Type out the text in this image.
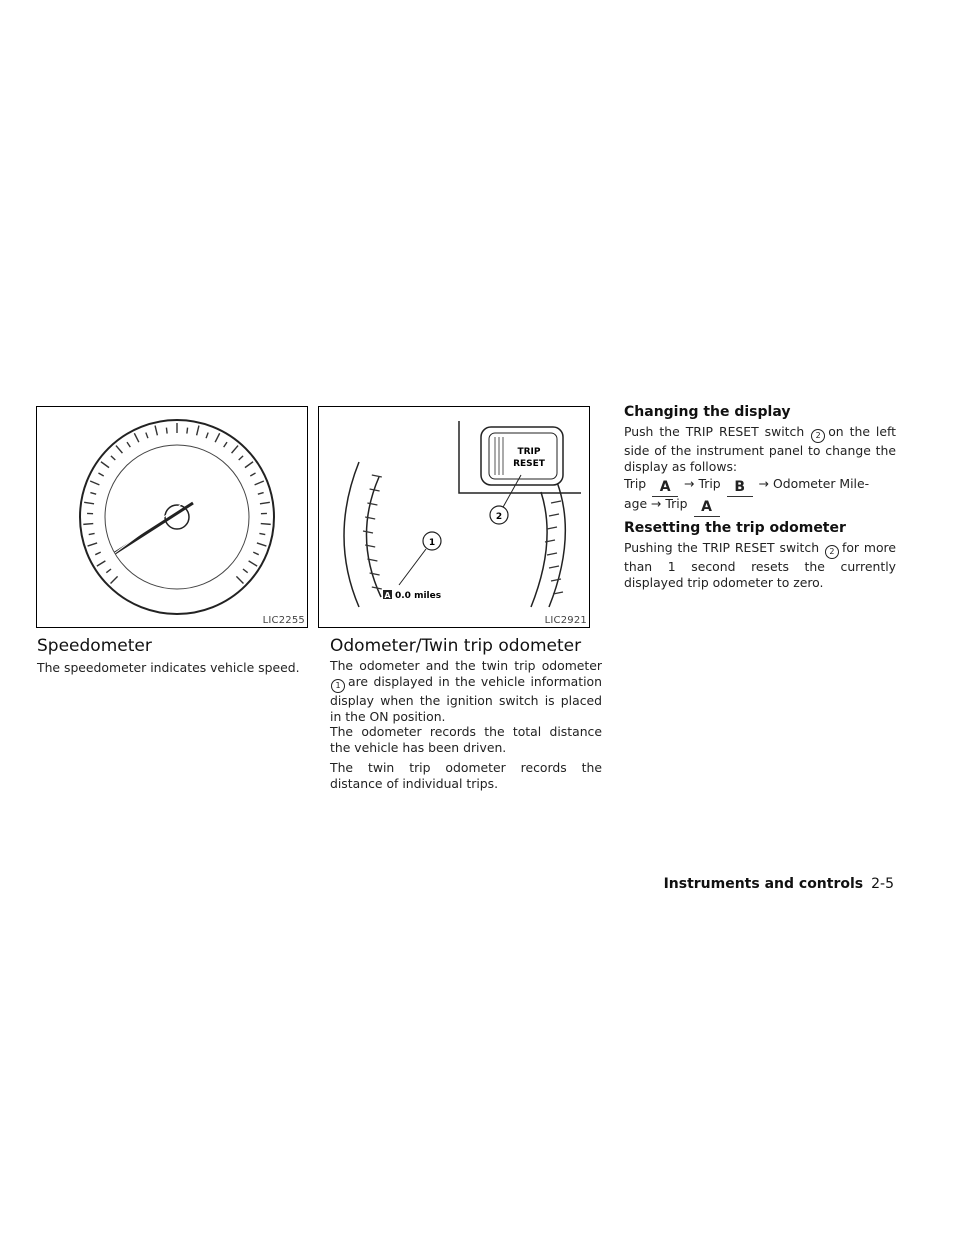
LIC2255
TRIP
RESET
2
1
A 0.0 miles
LIC2921
Speedometer

The speedometer indicates vehicle speed.

Odometer/Twin trip odometer

The odometer and the twin trip odometer 1 are displayed in the vehicle information display when the ignition switch is placed in the ON position.

The odometer records the total distance the vehicle has been driven.

The twin trip odometer records the distance of individual trips.

Changing the display

Push the TRIP RESET switch 2 on the left side of the instrument panel to change the display as follows:

Trip A → Trip B → Odometer Mile-
age → Trip A
Resetting the trip odometer

Pushing the TRIP RESET switch 2 for more than 1 second resets the currently displayed trip odometer to zero.

Instruments and controls 2-5
